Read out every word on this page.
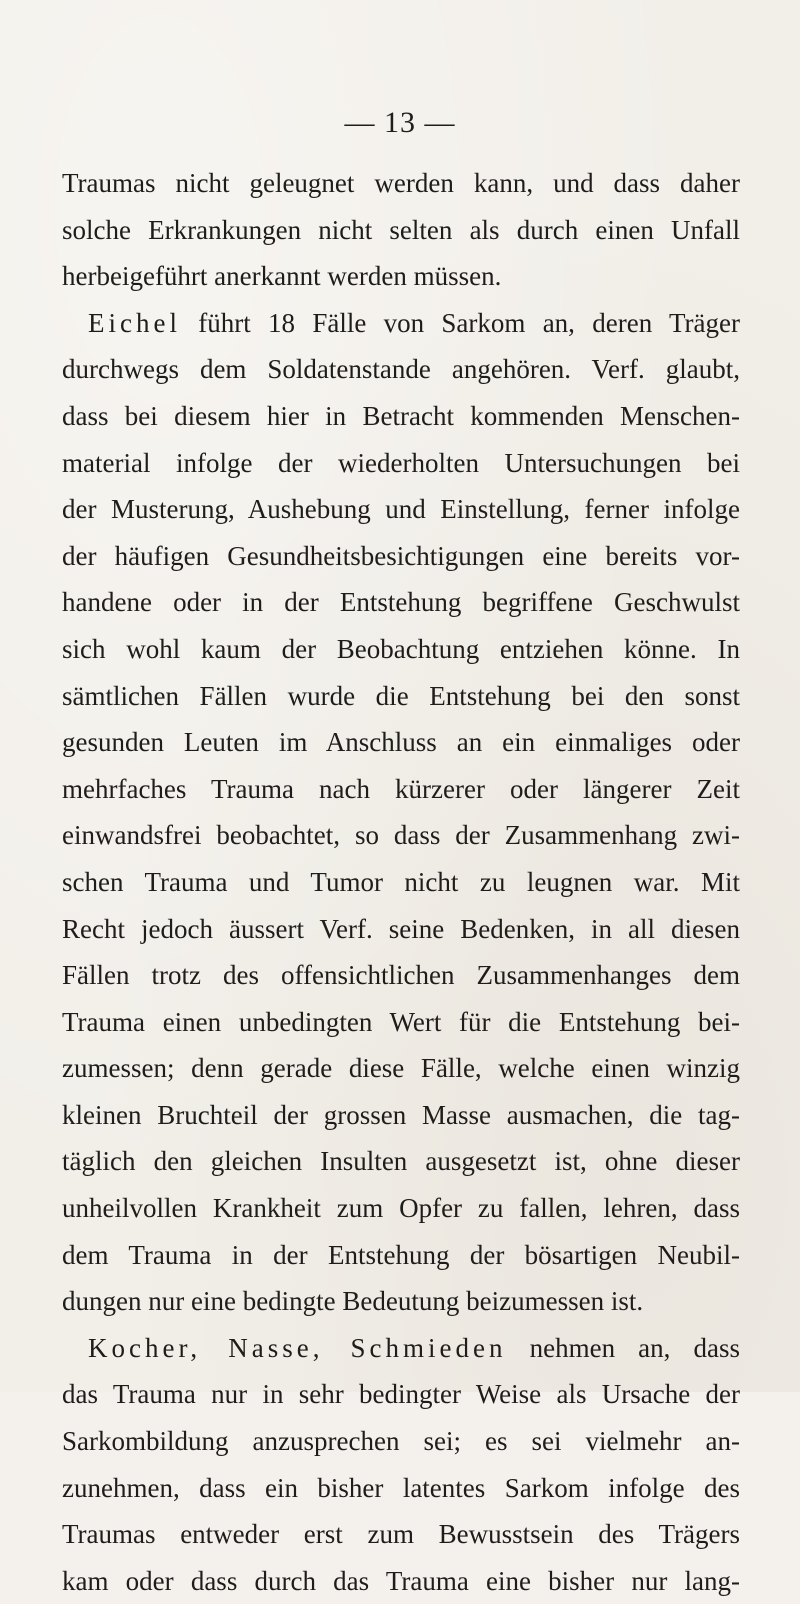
— 13 —
Traumas nicht geleugnet werden kann, und dass daher
solche Erkrankungen nicht selten als durch einen Unfall
herbeigeführt anerkannt werden müssen.
Eichel führt 18 Fälle von Sarkom an, deren Träger
durchwegs dem Soldatenstande angehören. Verf. glaubt,
dass bei diesem hier in Betracht kommenden Menschen-
material infolge der wiederholten Untersuchungen bei
der Musterung, Aushebung und Einstellung, ferner infolge
der häufigen Gesundheitsbesichtigungen eine bereits vor-
handene oder in der Entstehung begriffene Geschwulst
sich wohl kaum der Beobachtung entziehen könne. In
sämtlichen Fällen wurde die Entstehung bei den sonst
gesunden Leuten im Anschluss an ein einmaliges oder
mehrfaches Trauma nach kürzerer oder längerer Zeit
einwandsfrei beobachtet, so dass der Zusammenhang zwi-
schen Trauma und Tumor nicht zu leugnen war. Mit
Recht jedoch äussert Verf. seine Bedenken, in all diesen
Fällen trotz des offensichtlichen Zusammenhanges dem
Trauma einen unbedingten Wert für die Entstehung bei-
zumessen; denn gerade diese Fälle, welche einen winzig
kleinen Bruchteil der grossen Masse ausmachen, die tag-
täglich den gleichen Insulten ausgesetzt ist, ohne dieser
unheilvollen Krankheit zum Opfer zu fallen, lehren, dass
dem Trauma in der Entstehung der bösartigen Neubil-
dungen nur eine bedingte Bedeutung beizumessen ist.
Kocher, Nasse, Schmieden nehmen an, dass
das Trauma nur in sehr bedingter Weise als Ursache der
Sarkombildung anzusprechen sei; es sei vielmehr an-
zunehmen, dass ein bisher latentes Sarkom infolge des
Traumas entweder erst zum Bewusstsein des Trägers
kam oder dass durch das Trauma eine bisher nur lang-
